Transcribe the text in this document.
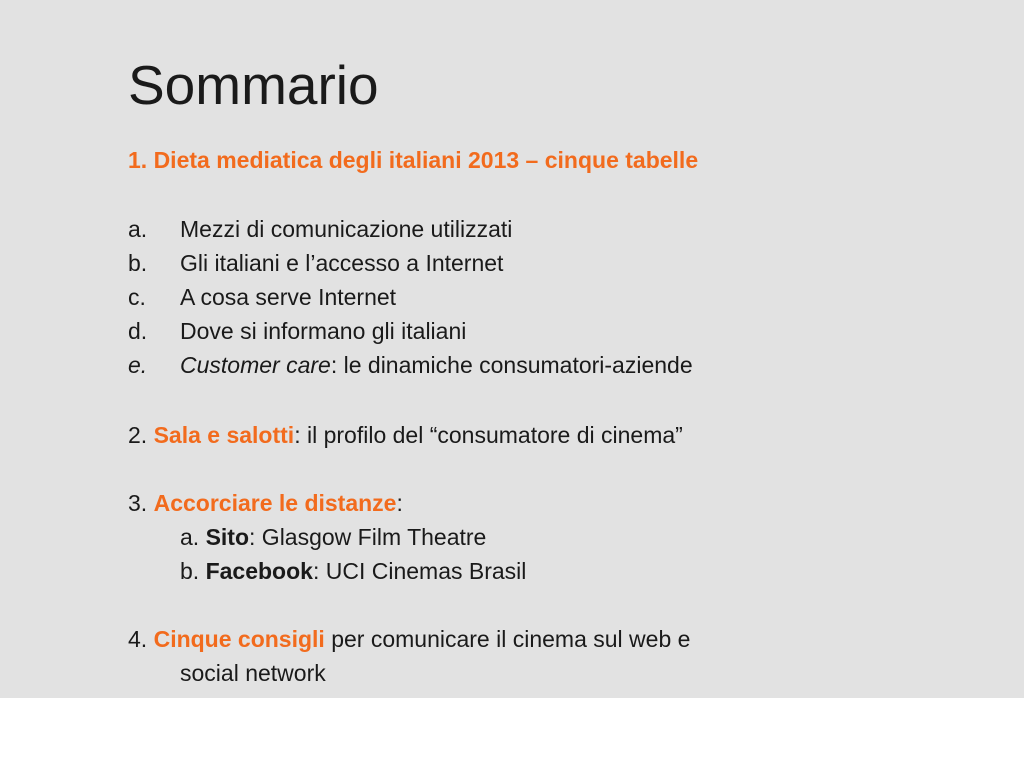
Sommario
1. Dieta mediatica degli italiani 2013 – cinque tabelle
a. Mezzi di comunicazione utilizzati
b. Gli italiani e l’accesso a Internet
c. A cosa serve Internet
d. Dove si informano gli italiani
e. Customer care: le dinamiche consumatori-aziende
2. Sala e salotti: il profilo del “consumatore di cinema”
3. Accorciare le distanze:
a. Sito: Glasgow Film Theatre
b. Facebook: UCI Cinemas Brasil
4. Cinque consigli per comunicare il cinema sul web e
social network
